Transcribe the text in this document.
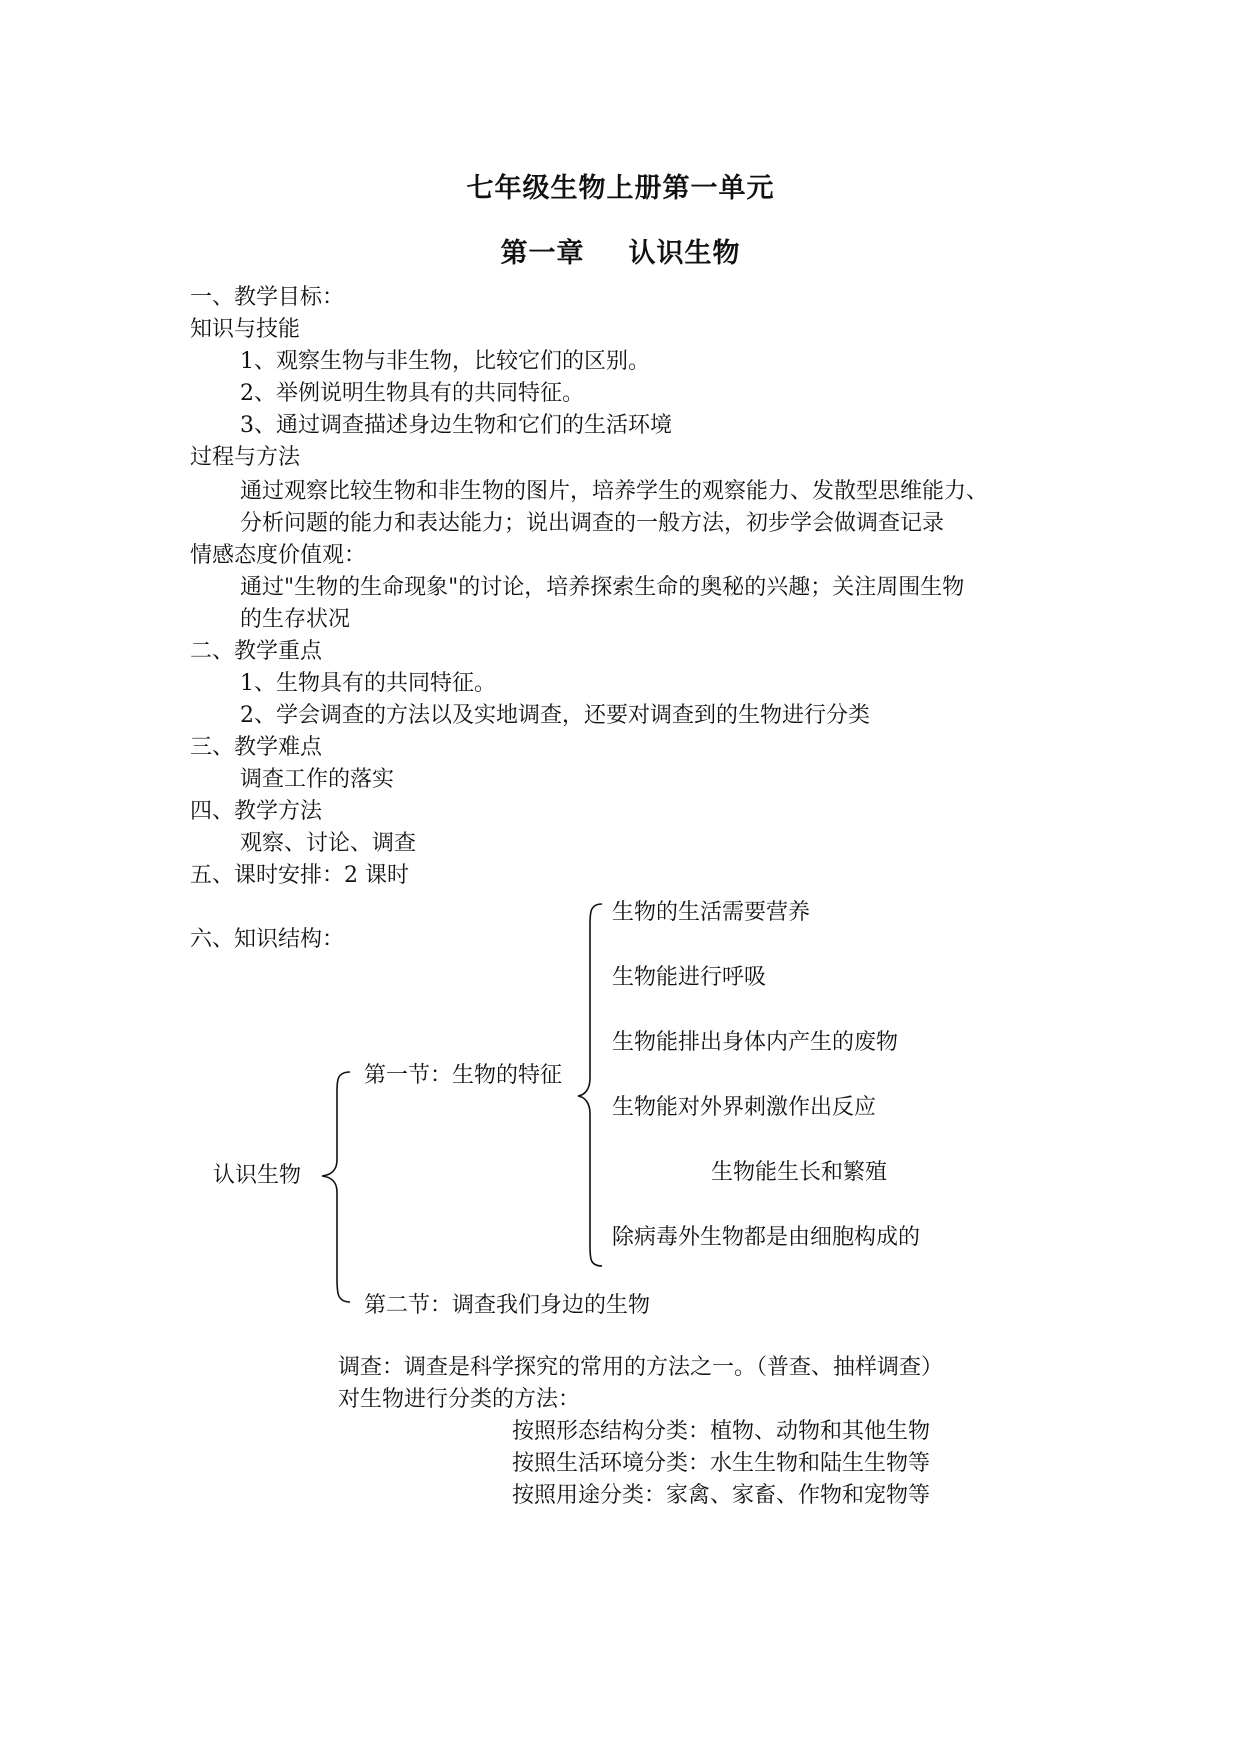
七年级生物上册第一单元
第一章 认识生物
一、教学目标：
知识与技能
1、观察生物与非生物，比较它们的区别。
2、举例说明生物具有的共同特征。
3、通过调查描述身边生物和它们的生活环境
过程与方法
通过观察比较生物和非生物的图片，培养学生的观察能力、发散型思维能力、
分析问题的能力和表达能力；说出调查的一般方法，初步学会做调查记录
情感态度价值观：
通过"生物的生命现象"的讨论，培养探索生命的奥秘的兴趣；关注周围生物
的生存状况
二、教学重点
1、生物具有的共同特征。
2、学会调查的方法以及实地调查，还要对调查到的生物进行分类
三、教学难点
调查工作的落实
四、教学方法
观察、讨论、调查
五、课时安排：2 课时
六、知识结构：
认识生物
第一节：生物的特征
第二节：调查我们身边的生物
生物的生活需要营养
生物能进行呼吸
生物能排出身体内产生的废物
生物能对外界刺激作出反应
生物能生长和繁殖
除病毒外生物都是由细胞构成的
调查：调查是科学探究的常用的方法之一。（普查、抽样调查）
对生物进行分类的方法：
按照形态结构分类：植物、动物和其他生物
按照生活环境分类：水生生物和陆生生物等
按照用途分类：家禽、家畜、作物和宠物等
